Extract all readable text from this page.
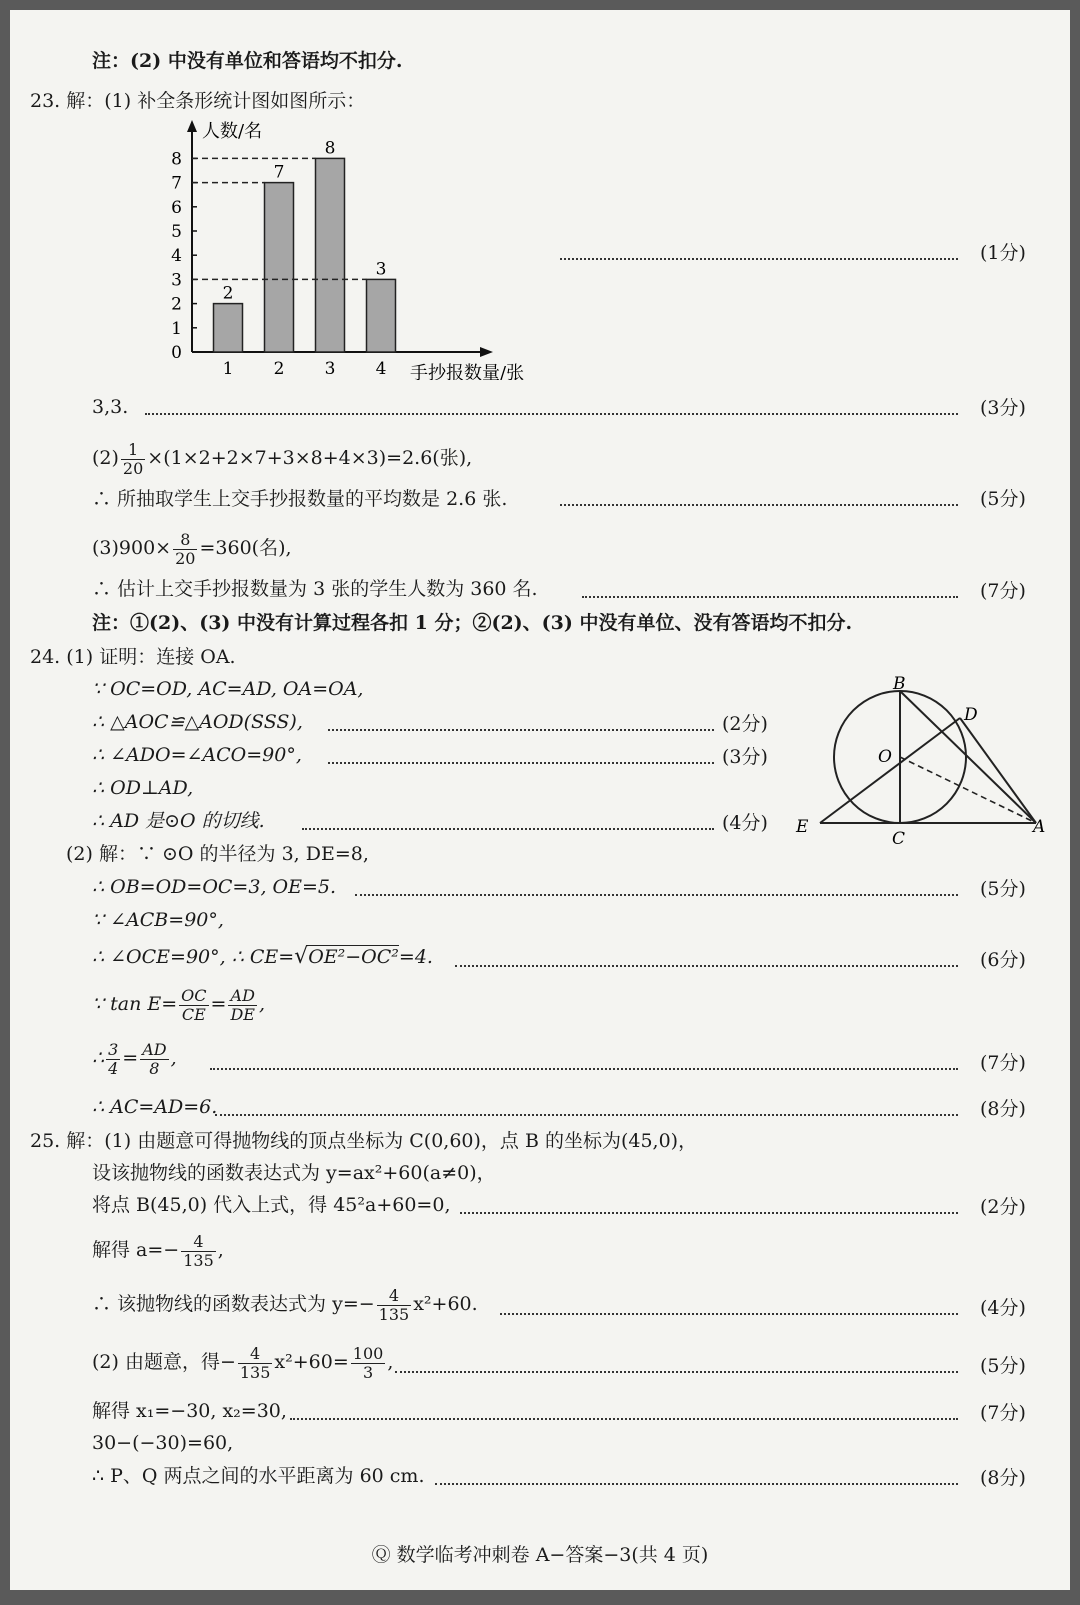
注：(2) 中没有单位和答语均不扣分.
23. 解：(1) 补全条形统计图如图所示：
0
1
2
3
4
5
6
7
8
人数/名
2
1
7
2
8
3
3
4 手抄报数量/张
(1分)
3,3.	(3分)
$(2) \frac{1}{20} \times(1\times 2+2\times 7+3\times 8+4\times 3)=2.6$(张),
∴ 所抽取学生上交手抄报数量的平均数是 2.6 张.	(5分)
$(3)900\times \frac{8}{20} =360$(名),
∴ 估计上交手抄报数量为 3 张的学生人数为 360 名.	(7分)
注：①(2)、(3) 中没有计算过程各扣 1 分；②(2)、(3) 中没有单位、没有答语均不扣分.
24. (1) 证明：连接 OA.
∵ OC=OD, AC=AD, OA=OA,
∴ △AOC≌△AOD(SSS),	(2分)
∴ ∠ADO=∠ACO=90°,	(3分)
∴ OD⊥AD,
∴ AD 是⊙O 的切线.	(4分)
B
D
O
E
C
A
(2) 解：∵ ⊙O 的半径为 3, DE=8,
∴ OB=OD=OC=3, OE=5.	(5分)
∵ ∠ACB=90°,
∴ ∠OCE=90°, ∴ CE=√OE²−OC²=4.	(6分)
∵ $\tan E= \frac{OC}{CE} = \frac{AD}{DE}$ ,
∴ $\frac{3}{4} = \frac{AD}{8}$ ,	(7分)
∴ AC=AD=6.	(8分)
25. 解：(1) 由题意可得抛物线的顶点坐标为 C(0,60)，点 B 的坐标为(45,0)，
设该抛物线的函数表达式为 y=ax²+60(a≠0)，
将点 B(45,0) 代入上式，得 45²a+60=0,	(2分)
解得 $a=- \frac{4}{135}$ ,
∴ 该抛物线的函数表达式为 $y=- \frac{4}{135} x^2+60$.	(4分)
(2) 由题意，得− $\frac{4}{135} x^2+60= \frac{100}{3}$ ,	(5分)
解得 x₁=−30, x₂=30,	(7分)
30−(−30)=60,
∴ P、Q 两点之间的水平距离为 60 cm.	(8分)
Ⓠ 数学临考冲刺卷 A−答案−3(共 4 页)
